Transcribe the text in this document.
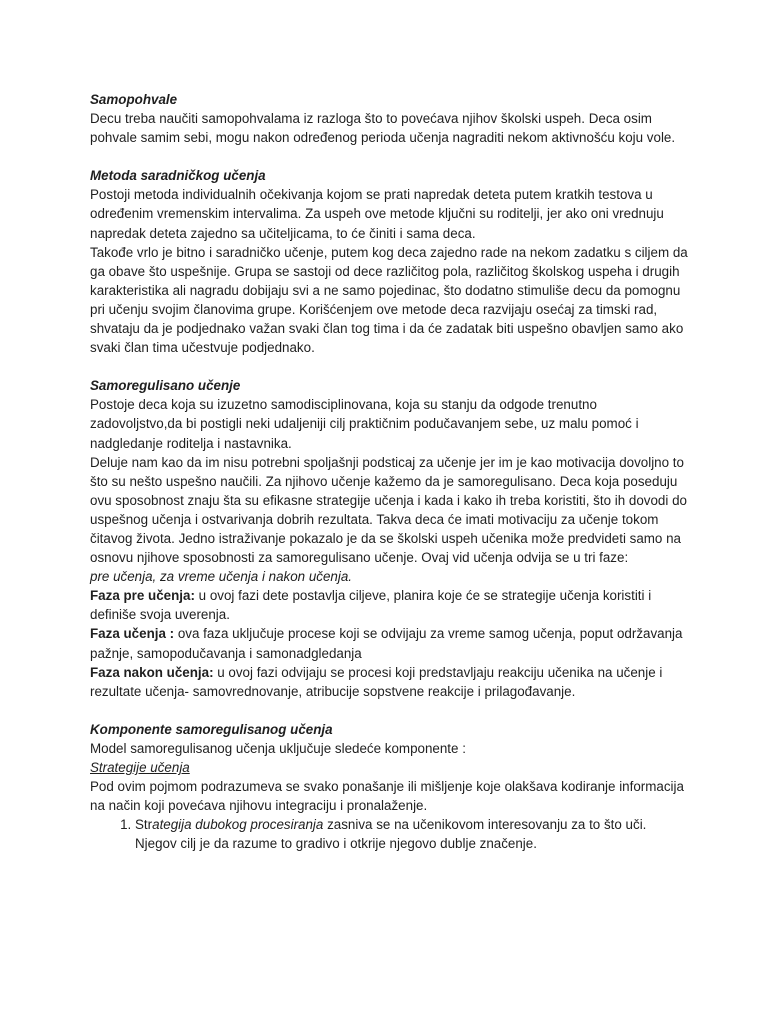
Samopohvale

Decu treba naučiti samopohvalama iz razloga što to povećava njihov školski uspeh. Deca osim pohvale samim sebi, mogu nakon određenog perioda učenja nagraditi nekom aktivnošću koju vole.

Metoda saradničkog učenja

Postoji metoda individualnih očekivanja kojom se prati napredak deteta putem kratkih testova u određenim vremenskim intervalima. Za uspeh ove metode ključni su roditelji, jer ako oni vrednuju napredak deteta zajedno sa učiteljicama, to će činiti i sama deca.

Takođe vrlo je bitno i saradničko učenje, putem kog deca zajedno rade na nekom zadatku s ciljem da ga obave što uspešnije. Grupa se sastoji od dece različitog pola, različitog školskog uspeha i drugih karakteristika ali nagradu dobijaju svi a ne samo pojedinac, što dodatno stimuliše decu da pomognu pri učenju svojim članovima grupe. Korišćenjem ove metode deca razvijaju osećaj za timski rad, shvataju da je podjednako važan svaki član tog tima i da će zadatak biti uspešno obavljen samo ako svaki član tima učestvuje podjednako.

Samoregulisano učenje

Postoje deca koja su izuzetno samodisciplinovana, koja su stanju da odgode trenutno zadovoljstvo,da bi postigli neki udaljeniji cilj praktičnim podučavanjem sebe, uz malu pomoć i nadgledanje roditelja i nastavnika.

Deluje nam kao da im nisu potrebni spoljašnji podsticaj za učenje jer im je kao motivacija dovoljno to što su nešto uspešno naučili. Za njihovo učenje kažemo da je samoregulisano. Deca koja poseduju ovu sposobnost znaju šta su efikasne strategije učenja i kada i kako ih treba koristiti, što ih dovodi do uspešnog učenja i ostvarivanja dobrih rezultata. Takva deca će imati motivaciju za učenje tokom čitavog života. Jedno istraživanje pokazalo je da se školski uspeh učenika može predvideti samo na osnovu njihove sposobnosti za samoregulisano učenje. Ovaj vid učenja odvija se u tri faze:

pre učenja, za vreme učenja i nakon učenja.

Faza pre učenja: u ovoj fazi dete postavlja ciljeve, planira koje će se strategije učenja koristiti i definiše svoja uverenja.

Faza učenja : ova faza uključuje procese koji se odvijaju za vreme samog učenja, poput održavanja pažnje, samopodučavanja i samonadgledanja

Faza nakon učenja: u ovoj fazi odvijaju se procesi koji predstavljaju reakciju učenika na učenje i rezultate učenja- samovrednovanje, atribucije sopstvene reakcije i prilagođavanje.

Komponente samoregulisanog učenja

Model samoregulisanog učenja uključuje sledeće komponente :

Strategije učenja

Pod ovim pojmom podrazumeva se svako ponašanje ili mišljenje koje olakšava kodiranje informacija na način koji povećava njihovu integraciju i pronalaženje.

1. Strategija dubokog procesiranja zasniva se na učenikovom interesovanju za to što uči. Njegov cilj je da razume to gradivo i otkrije njegovo dublje značenje.
